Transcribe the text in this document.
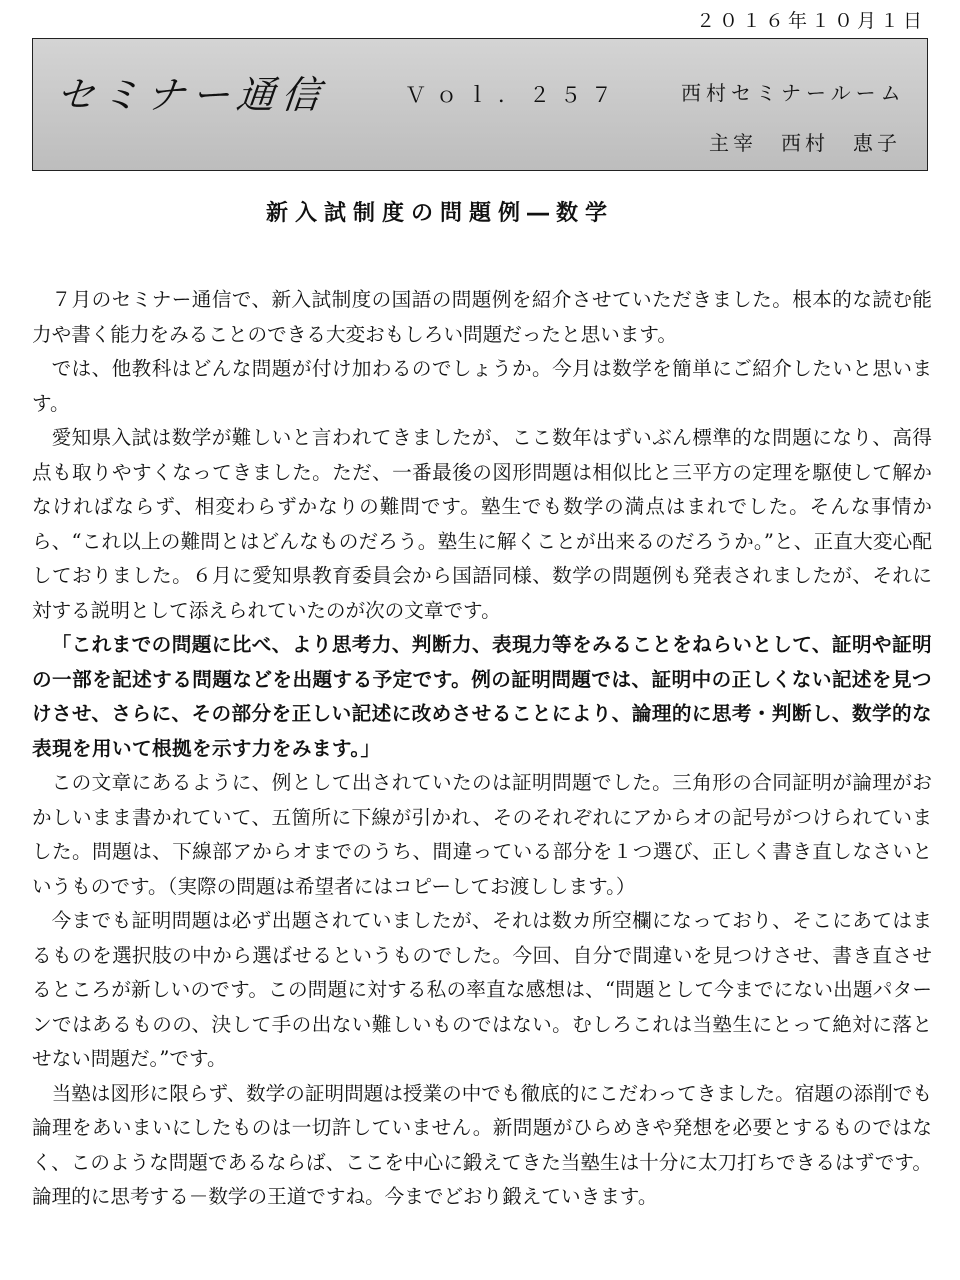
２０１６年１０月１日
セミナー通信	Ｖｏｌ．２５７	西村セミナールーム
主宰　西村　恵子
新入試制度の問題例―数学

７月のセミナー通信で、新入試制度の国語の問題例を紹介させていただきました。根本的な読む能力や書く能力をみることのできる大変おもしろい問題だったと思います。

では、他教科はどんな問題が付け加わるのでしょうか。今月は数学を簡単にご紹介したいと思います。

愛知県入試は数学が難しいと言われてきましたが、ここ数年はずいぶん標準的な問題になり、高得点も取りやすくなってきました。ただ、一番最後の図形問題は相似比と三平方の定理を駆使して解かなければならず、相変わらずかなりの難問です。塾生でも数学の満点はまれでした。そんな事情から、“これ以上の難問とはどんなものだろう。塾生に解くことが出来るのだろうか。”と、正直大変心配しておりました。６月に愛知県教育委員会から国語同様、数学の問題例も発表されましたが、それに対する説明として添えられていたのが次の文章です。

「これまでの問題に比べ、より思考力、判断力、表現力等をみることをねらいとして、証明や証明の一部を記述する問題などを出題する予定です。例の証明問題では、証明中の正しくない記述を見つけさせ、さらに、その部分を正しい記述に改めさせることにより、論理的に思考・判断し、数学的な表現を用いて根拠を示す力をみます。」

この文章にあるように、例として出されていたのは証明問題でした。三角形の合同証明が論理がおかしいまま書かれていて、五箇所に下線が引かれ、そのそれぞれにアからオの記号がつけられていました。問題は、下線部アからオまでのうち、間違っている部分を１つ選び、正しく書き直しなさいというものです。（実際の問題は希望者にはコピーしてお渡しします。）

今までも証明問題は必ず出題されていましたが、それは数カ所空欄になっており、そこにあてはまるものを選択肢の中から選ばせるというものでした。今回、自分で間違いを見つけさせ、書き直させるところが新しいのです。この問題に対する私の率直な感想は、“問題として今までにない出題パターンではあるものの、決して手の出ない難しいものではない。むしろこれは当塾生にとって絶対に落とせない問題だ。”です。

当塾は図形に限らず、数学の証明問題は授業の中でも徹底的にこだわってきました。宿題の添削でも論理をあいまいにしたものは一切許していません。新問題がひらめきや発想を必要とするものではなく、このような問題であるならば、ここを中心に鍛えてきた当塾生は十分に太刀打ちできるはずです。論理的に思考する－数学の王道ですね。今までどおり鍛えていきます。
